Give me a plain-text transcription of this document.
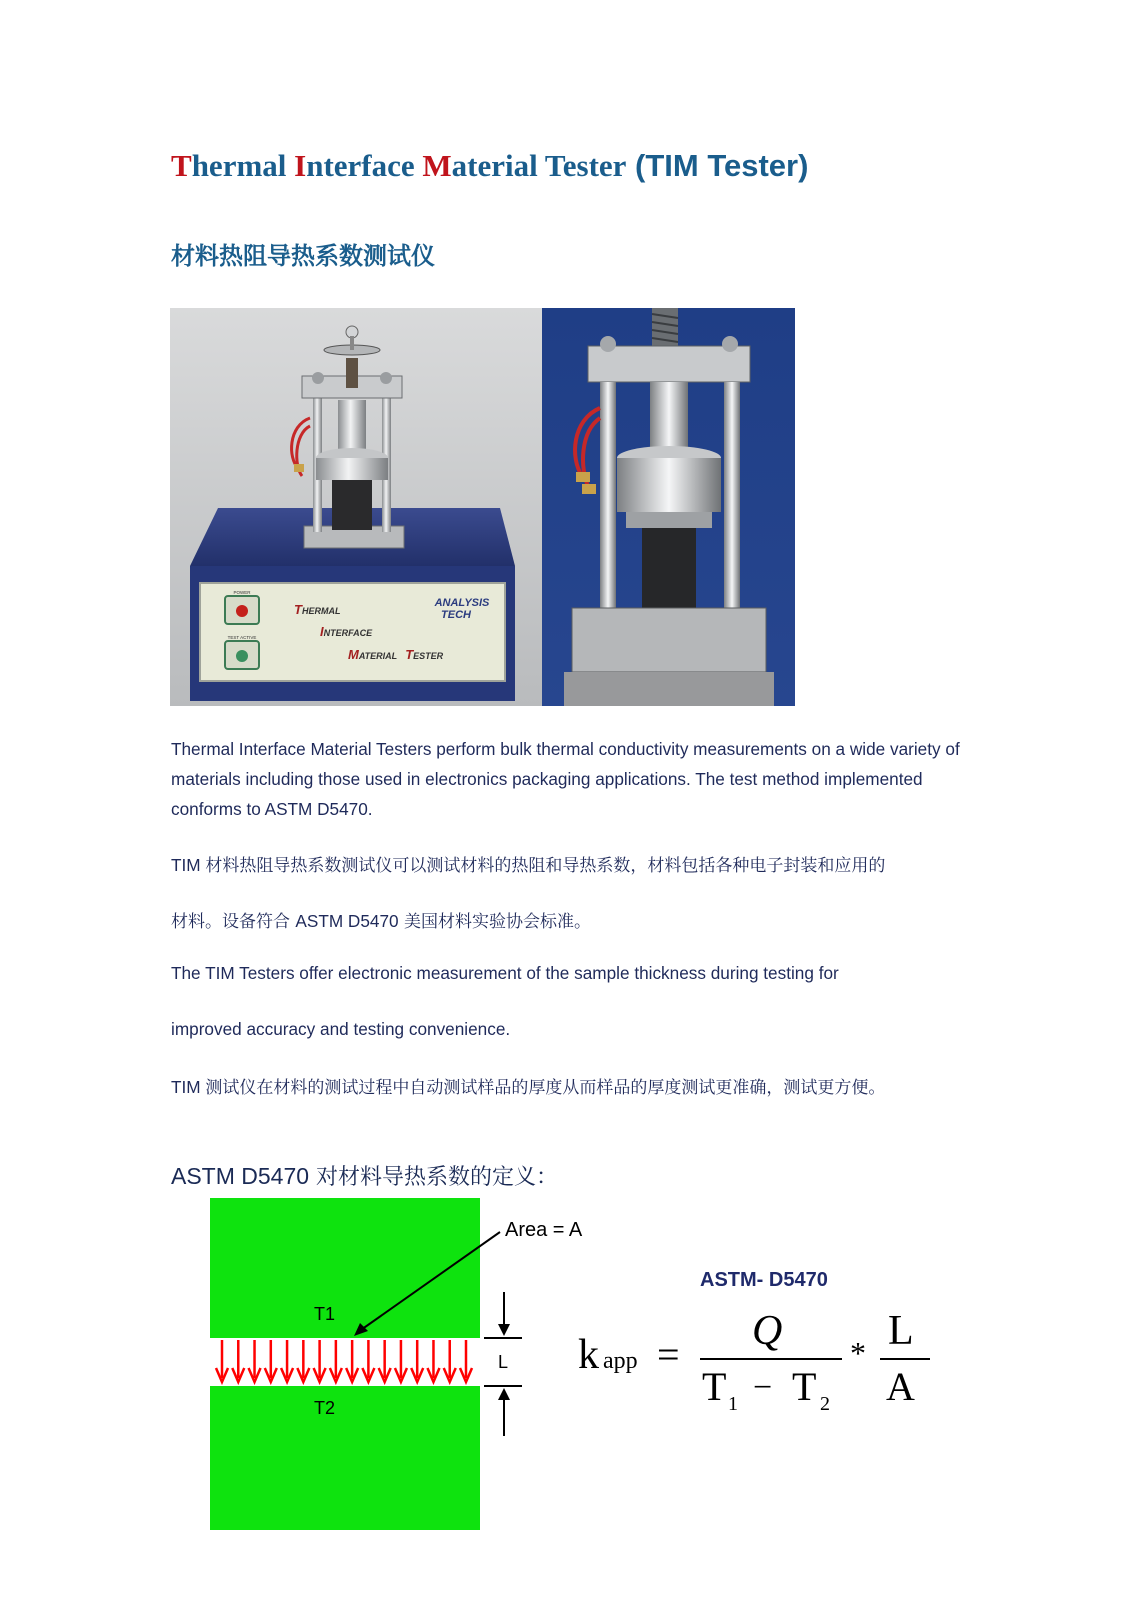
Thermal Interface Material Tester (TIM Tester)
材料热阻导热系数测试仪
POWER
TEST ACTIVE
ANALYSIS
TECH
THERMAL
INTERFACE
MATERIAL TESTER

Thermal Interface Material Testers perform bulk thermal conductivity measurements on a wide variety of materials including those used in electronics packaging applications. The test method implemented conforms to ASTM D5470.

TIM 材料热阻导热系数测试仪可以测试材料的热阻和导热系数，材料包括各种电子封装和应用的

材料。设备符合 ASTM D5470 美国材料实验协会标准。

The TIM Testers offer electronic measurement of the sample thickness during testing for

improved accuracy and testing convenience.

TIM 测试仪在材料的测试过程中自动测试样品的厚度从而样品的厚度测试更准确，测试更方便。

ASTM D5470 对材料导热系数的定义：

T1
T2
Area = A
L
ASTM- D5470
k app =
Q
T 1 − T 2
* L
A
